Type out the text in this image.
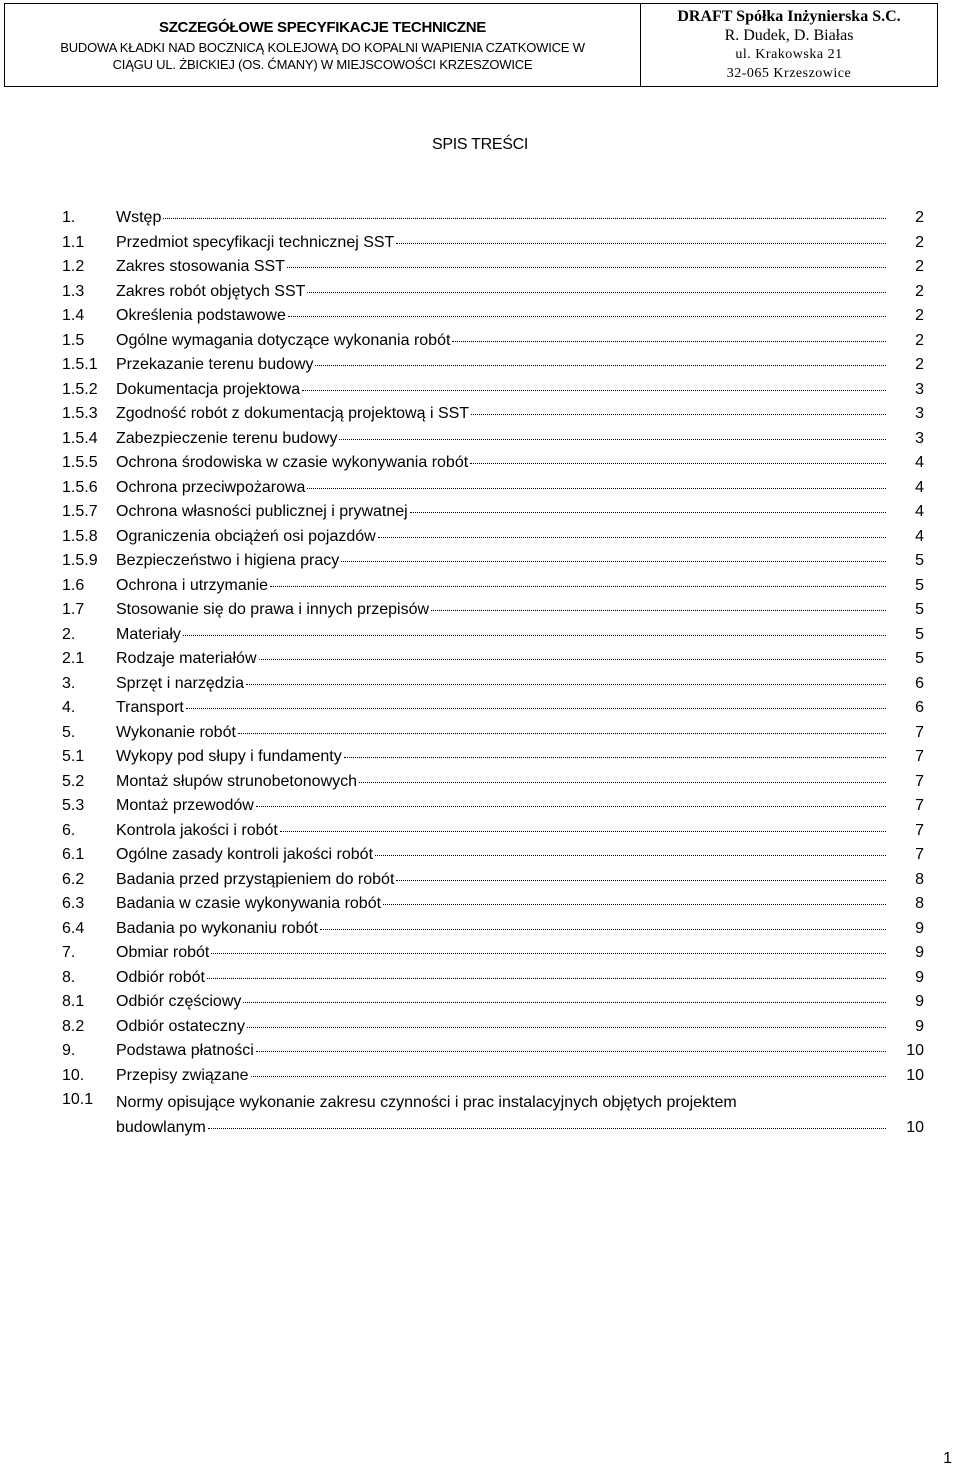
SZCZEGÓŁOWE SPECYFIKACJE TECHNICZNE
BUDOWA KŁADKI NAD BOCZNICĄ KOLEJOWĄ DO KOPALNI WAPIENIA CZATKOWICE W
CIĄGU UL. ŻBICKIEJ (OS. ĆMANY) W MIEJSCOWOŚCI KRZESZOWICE
DRAFT Spółka Inżynierska S.C.
R. Dudek, D. Białas
ul. Krakowska 21
32-065 Krzeszowice
SPIS TREŚCI
1.	Wstęp	2
1.1	Przedmiot specyfikacji technicznej SST	2
1.2	Zakres stosowania SST	2
1.3	Zakres robót objętych SST	2
1.4	Określenia podstawowe	2
1.5	Ogólne wymagania dotyczące wykonania robót	2
1.5.1	Przekazanie terenu budowy	2
1.5.2	Dokumentacja projektowa	3
1.5.3	Zgodność robót z dokumentacją projektową i SST	3
1.5.4	Zabezpieczenie terenu budowy	3
1.5.5	Ochrona środowiska w czasie wykonywania robót	4
1.5.6	Ochrona przeciwpożarowa	4
1.5.7	Ochrona własności publicznej i prywatnej	4
1.5.8	Ograniczenia obciążeń osi pojazdów	4
1.5.9	Bezpieczeństwo i higiena pracy	5
1.6	Ochrona i utrzymanie	5
1.7	Stosowanie się do prawa i innych przepisów	5
2.	Materiały	5
2.1	Rodzaje materiałów	5
3.	Sprzęt i narzędzia	6
4.	Transport	6
5.	Wykonanie robót	7
5.1	Wykopy pod słupy i fundamenty	7
5.2	Montaż słupów strunobetonowych	7
5.3	Montaż przewodów	7
6.	Kontrola jakości i robót	7
6.1	Ogólne zasady kontroli jakości robót	7
6.2	Badania przed przystąpieniem do robót	8
6.3	Badania w czasie wykonywania robót	8
6.4	Badania po wykonaniu robót	9
7.	Obmiar robót	9
8.	Odbiór robót	9
8.1	Odbiór częściowy	9
8.2	Odbiór ostateczny	9
9.	Podstawa płatności	10
10.	Przepisy związane	10
10.1	Normy opisujące wykonanie zakresu czynności i prac instalacyjnych objętych projektem
budowlanym	10
1
